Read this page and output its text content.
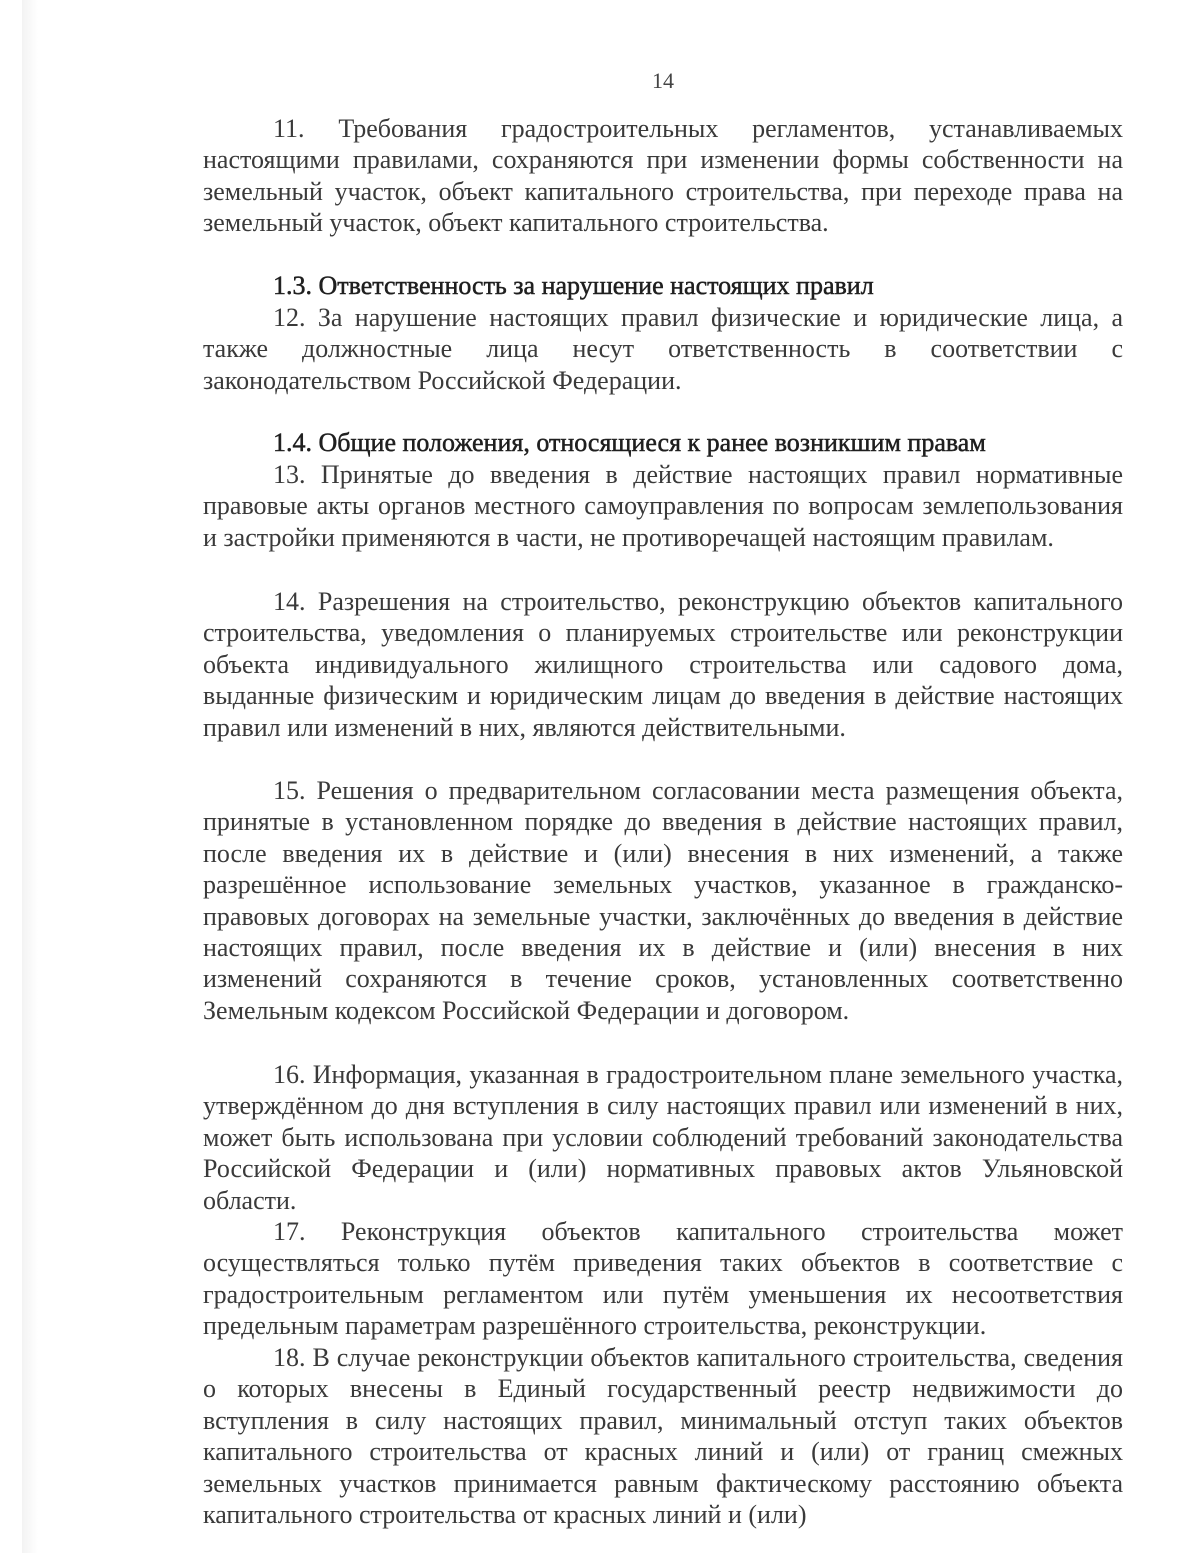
14

11. Требования градостроительных регламентов, устанавливаемых настоящими правилами, сохраняются при изменении формы собственности на земельный участок, объект капитального строительства, при переходе права на земельный участок, объект капитального строительства.

1.3. Ответственность за нарушение настоящих правил

12. За нарушение настоящих правил физические и юридические лица, а также должностные лица несут ответственность в соответствии с законодательством Российской Федерации.

1.4. Общие положения, относящиеся к ранее возникшим правам

13. Принятые до введения в действие настоящих правил нормативные правовые акты органов местного самоуправления по вопросам землепользования и застройки применяются в части, не противоречащей настоящим правилам.

14. Разрешения на строительство, реконструкцию объектов капитального строительства, уведомления о планируемых строительстве или реконструкции объекта индивидуального жилищного строительства или садового дома, выданные физическим и юридическим лицам до введения в действие настоящих правил или изменений в них, являются действительными.

15. Решения о предварительном согласовании места размещения объекта, принятые в установленном порядке до введения в действие настоящих правил, после введения их в действие и (или) внесения в них изменений, а также разрешённое использование земельных участков, указанное в гражданско-правовых договорах на земельные участки, заключённых до введения в действие настоящих правил, после введения их в действие и (или) внесения в них изменений сохраняются в течение сроков, установленных соответственно Земельным кодексом Российской Федерации и договором.

16. Информация, указанная в градостроительном плане земельного участка, утверждённом до дня вступления в силу настоящих правил или изменений в них, может быть использована при условии соблюдений требований законодательства Российской Федерации и (или) нормативных правовых актов Ульяновской области.

17. Реконструкция объектов капитального строительства может осуществляться только путём приведения таких объектов в соответствие с градостроительным регламентом или путём уменьшения их несоответствия предельным параметрам разрешённого строительства, реконструкции.

18. В случае реконструкции объектов капитального строительства, сведения о которых внесены в Единый государственный реестр недвижимости до вступления в силу настоящих правил, минимальный отступ таких объектов капитального строительства от красных линий и (или) от границ смежных земельных участков принимается равным фактическому расстоянию объекта капитального строительства от красных линий и (или)
